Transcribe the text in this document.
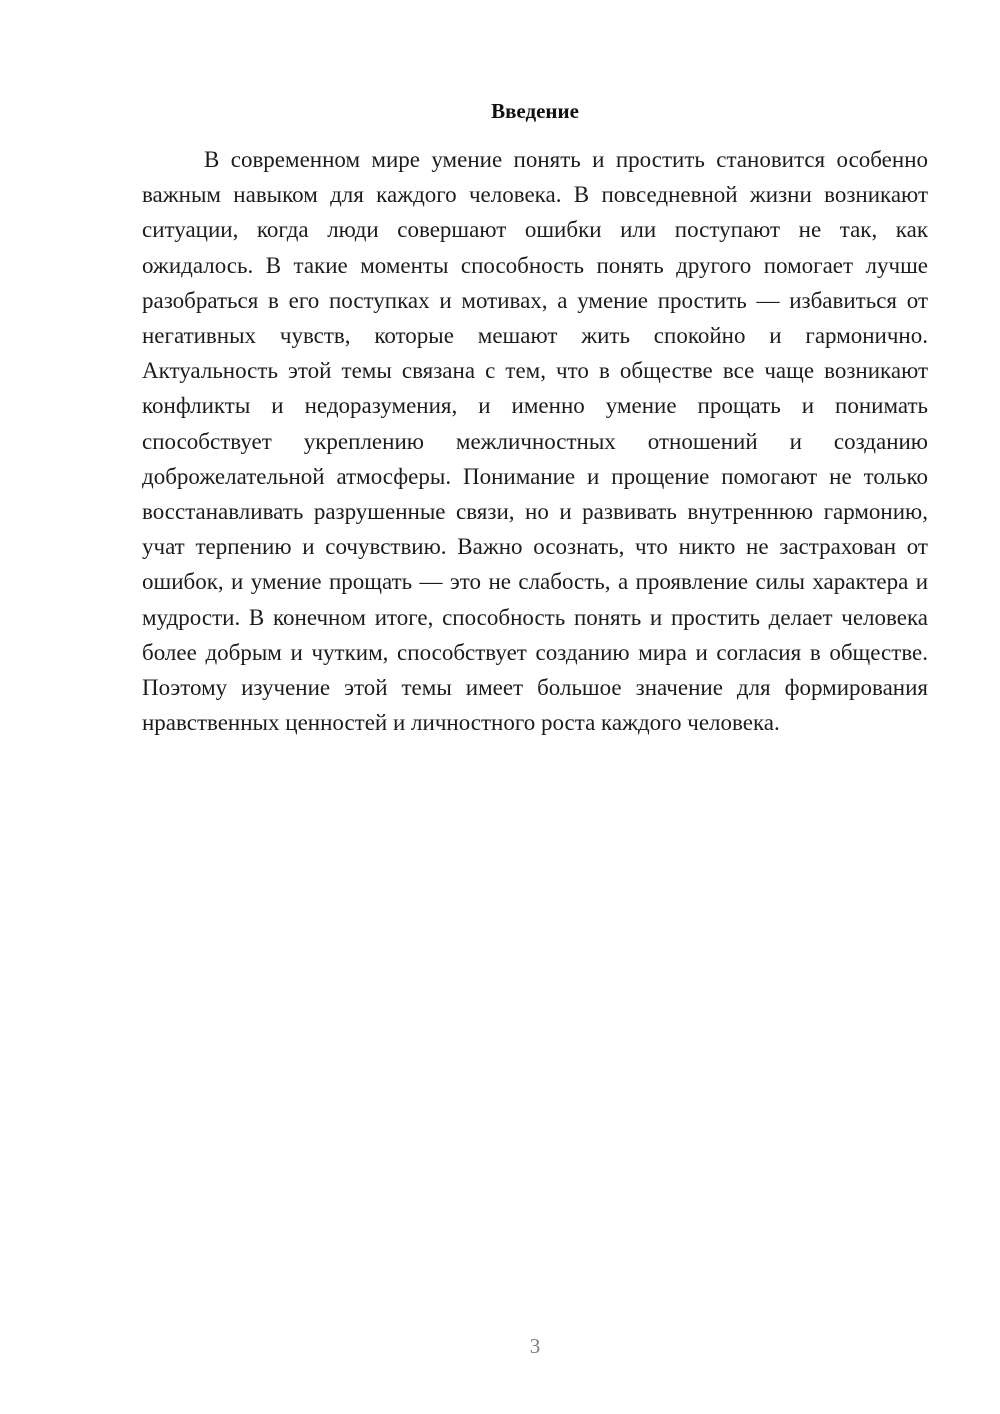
Введение

В современном мире умение понять и простить становится особенно важным навыком для каждого человека. В повседневной жизни возникают ситуации, когда люди совершают ошибки или поступают не так, как ожидалось. В такие моменты способность понять другого помогает лучше разобраться в его поступках и мотивах, а умение простить — избавиться от негативных чувств, которые мешают жить спокойно и гармонично. Актуальность этой темы связана с тем, что в обществе все чаще возникают конфликты и недоразумения, и именно умение прощать и понимать способствует укреплению межличностных отношений и созданию доброжелательной атмосферы. Понимание и прощение помогают не только восстанавливать разрушенные связи, но и развивать внутреннюю гармонию, учат терпению и сочувствию. Важно осознать, что никто не застрахован от ошибок, и умение прощать — это не слабость, а проявление силы характера и мудрости. В конечном итоге, способность понять и простить делает человека более добрым и чутким, способствует созданию мира и согласия в обществе. Поэтому изучение этой темы имеет большое значение для формирования нравственных ценностей и личностного роста каждого человека.

3
